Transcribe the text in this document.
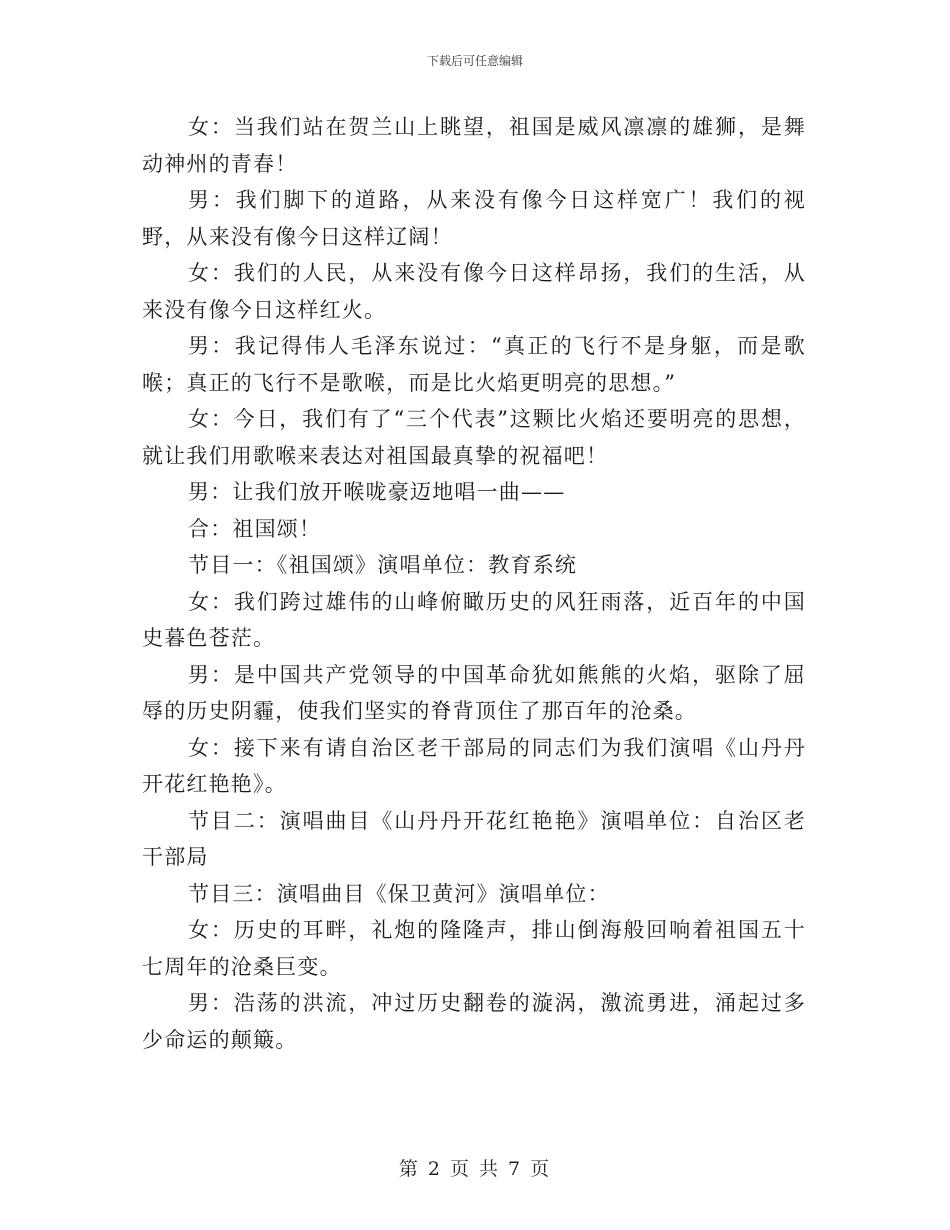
下载后可任意编辑

女：当我们站在贺兰山上眺望，祖国是威风凛凛的雄狮，是舞动神州的青春！

男：我们脚下的道路，从来没有像今日这样宽广！我们的视野，从来没有像今日这样辽阔！

女：我们的人民，从来没有像今日这样昂扬，我们的生活，从来没有像今日这样红火。

男：我记得伟人毛泽东说过：“真正的飞行不是身躯，而是歌喉；真正的飞行不是歌喉，而是比火焰更明亮的思想。”

女：今日，我们有了“三个代表”这颗比火焰还要明亮的思想，就让我们用歌喉来表达对祖国最真挚的祝福吧！

男：让我们放开喉咙豪迈地唱一曲——

合：祖国颂！

节目一：《祖国颂》演唱单位：教育系统

女：我们跨过雄伟的山峰俯瞰历史的风狂雨落，近百年的中国史暮色苍茫。

男：是中国共产党领导的中国革命犹如熊熊的火焰，驱除了屈辱的历史阴霾，使我们坚实的脊背顶住了那百年的沧桑。

女：接下来有请自治区老干部局的同志们为我们演唱《山丹丹开花红艳艳》。

节目二：演唱曲目《山丹丹开花红艳艳》演唱单位：自治区老干部局

节目三：演唱曲目《保卫黄河》演唱单位：

女：历史的耳畔，礼炮的隆隆声，排山倒海般回响着祖国五十七周年的沧桑巨变。

男：浩荡的洪流，冲过历史翻卷的漩涡，激流勇进，涌起过多少命运的颠簸。

第 2 页 共 7 页
